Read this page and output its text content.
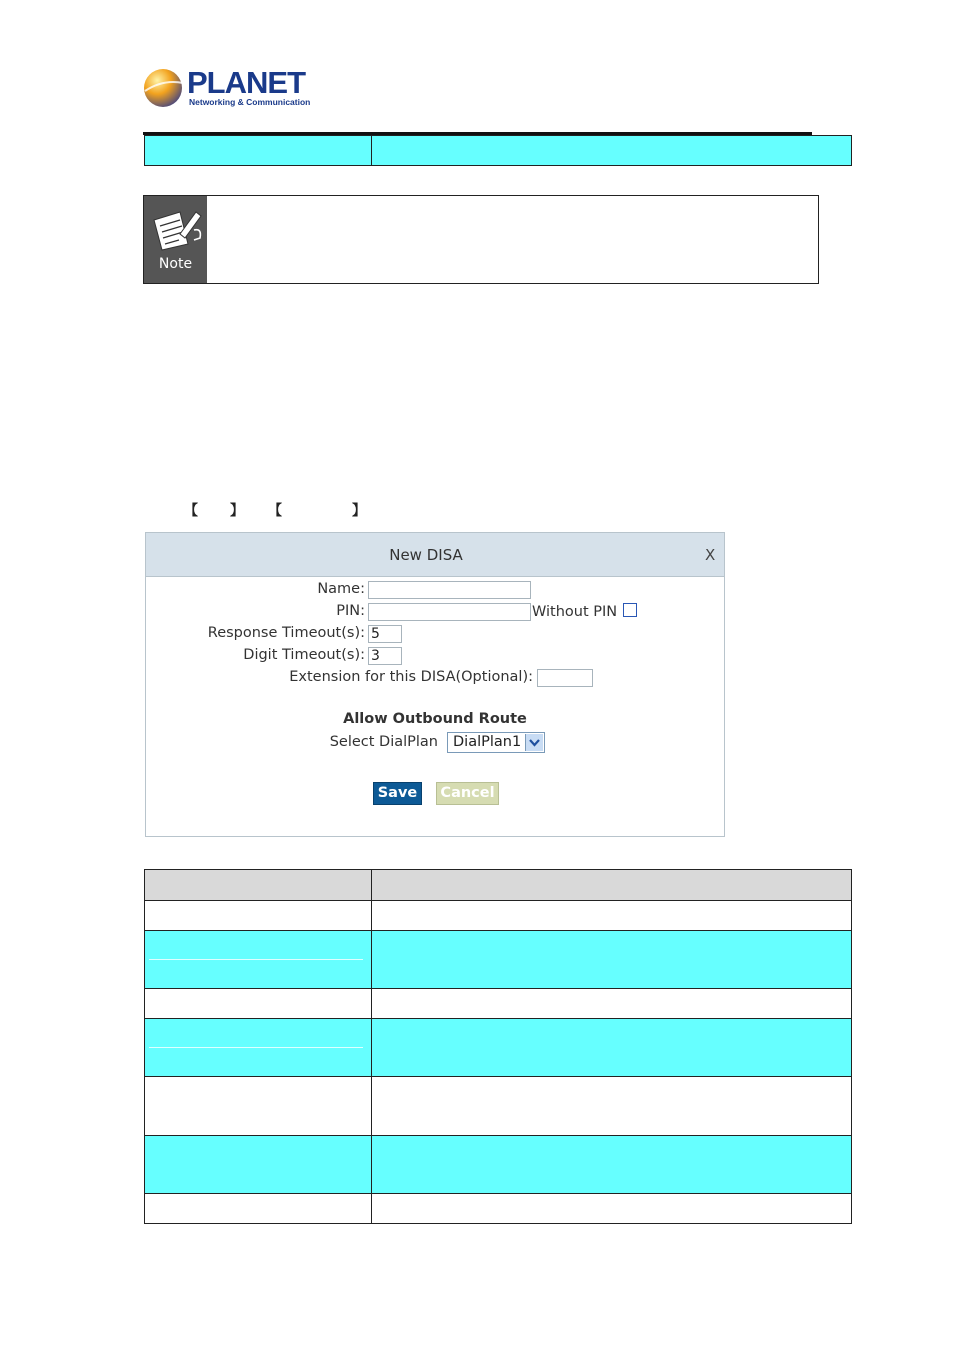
PLANET
Networking & Communication

Note
【 】 【	】
New DISA	X
Name:
PIN:	Without PIN
Response Timeout(s):
5
Digit Timeout(s):
3
Extension for this DISA(Optional):
Allow Outbound Route
Select DialPlan DialPlan1
Save	Cancel
